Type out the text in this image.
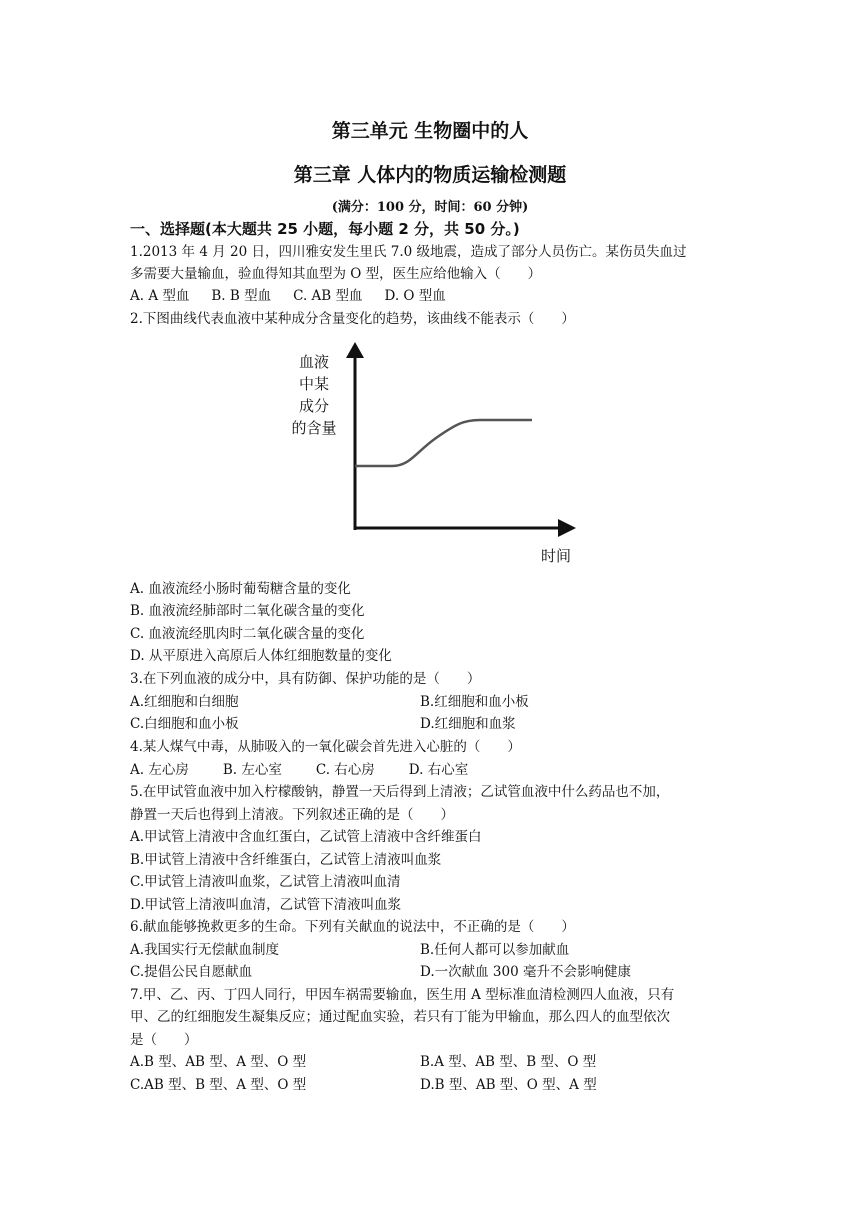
第三单元 生物圈中的人
第三章 人体内的物质运输检测题
(满分：100 分，时间：60 分钟)
一、选择题(本大题共 25 小题，每小题 2 分，共 50 分。)
1.2013 年 4 月 20 日，四川雅安发生里氏 7.0 级地震，造成了部分人员伤亡。某伤员失血过
多需要大量输血，验血得知其血型为 O 型，医生应给他输入（　　）
A. A 型血 B. B 型血 C. AB 型血 D. O 型血
2.下图曲线代表血液中某种成分含量变化的趋势，该曲线不能表示（　　）
血液
中某
成分
的含量
时间
A. 血液流经小肠时葡萄糖含量的变化
B. 血液流经肺部时二氧化碳含量的变化
C. 血液流经肌肉时二氧化碳含量的变化
D. 从平原进入高原后人体红细胞数量的变化
3.在下列血液的成分中，具有防御、保护功能的是（　　）
A.红细胞和白细胞	B.红细胞和血小板
C.白细胞和血小板	D.红细胞和血浆
4.某人煤气中毒，从肺吸入的一氧化碳会首先进入心脏的（　　）
A. 左心房	B. 左心室	C. 右心房	D. 右心室
5.在甲试管血液中加入柠檬酸钠，静置一天后得到上清液；乙试管血液中什么药品也不加，
静置一天后也得到上清液。下列叙述正确的是（　　）
A.甲试管上清液中含血红蛋白，乙试管上清液中含纤维蛋白
B.甲试管上清液中含纤维蛋白，乙试管上清液叫血浆
C.甲试管上清液叫血浆，乙试管上清液叫血清
D.甲试管上清液叫血清，乙试管下清液叫血浆
6.献血能够挽救更多的生命。下列有关献血的说法中，不正确的是（　　）
A.我国实行无偿献血制度	B.任何人都可以参加献血
C.提倡公民自愿献血	D.一次献血 300 毫升不会影响健康
7.甲、乙、丙、丁四人同行，甲因车祸需要输血，医生用 A 型标准血清检测四人血液，只有
甲、乙的红细胞发生凝集反应；通过配血实验，若只有丁能为甲输血，那么四人的血型依次
是（　　）
A.B 型、AB 型、A 型、O 型	B.A 型、AB 型、B 型、O 型
C.AB 型、B 型、A 型、O 型	D.B 型、AB 型、O 型、A 型
